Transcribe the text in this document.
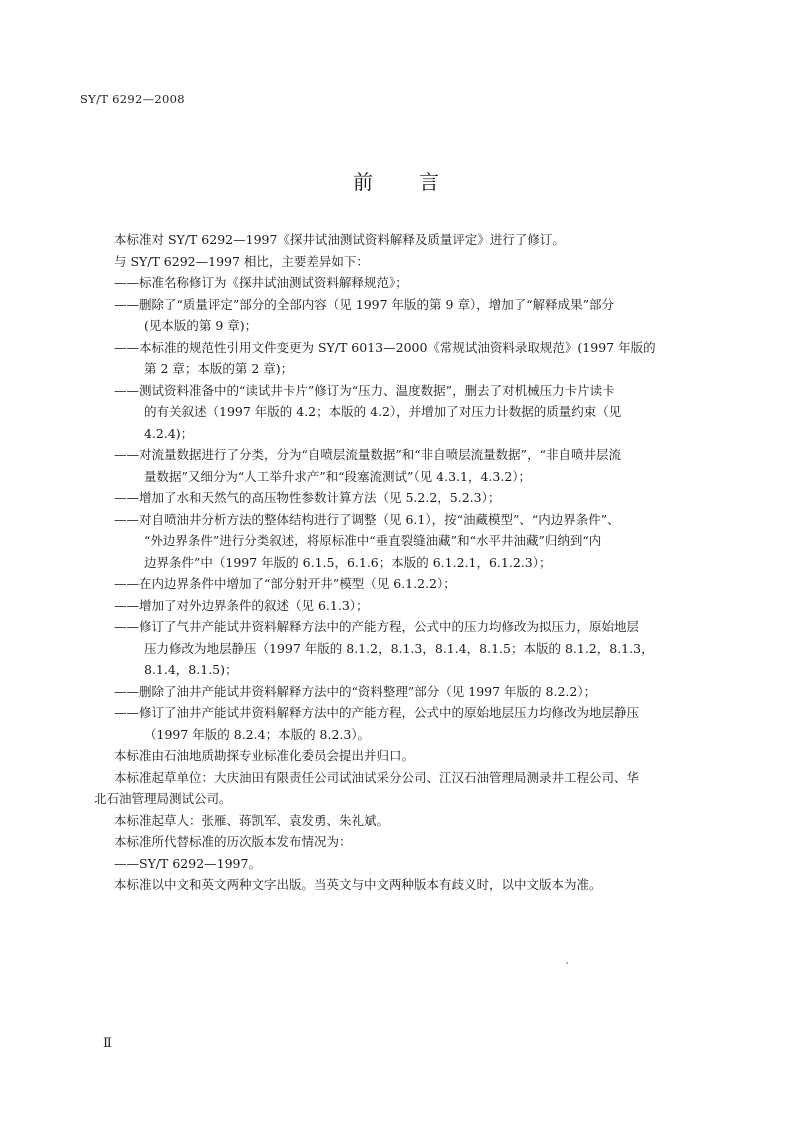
SY/T 6292—2008
前言
本标准对 SY/T 6292—1997《探井试油测试资料解释及质量评定》进行了修订。
与 SY/T 6292—1997 相比，主要差异如下：
——标准名称修订为《探井试油测试资料解释规范》；
——删除了“质量评定”部分的全部内容（见 1997 年版的第 9 章），增加了“解释成果”部分
(见本版的第 9 章)；
——本标准的规范性引用文件变更为 SY/T 6013—2000《常规试油资料录取规范》(1997 年版的
第 2 章；本版的第 2 章)；
——测试资料准备中的“读试井卡片”修订为“压力、温度数据”，删去了对机械压力卡片读卡
的有关叙述（1997 年版的 4.2；本版的 4.2），并增加了对压力计数据的质量约束（见
4.2.4)；
——对流量数据进行了分类，分为“自喷层流量数据”和“非自喷层流量数据”，“非自喷井层流
量数据”又细分为“人工举升求产”和“段塞流测试”（见 4.3.1，4.3.2）；
——增加了水和天然气的高压物性参数计算方法（见 5.2.2，5.2.3）；
——对自喷油井分析方法的整体结构进行了调整（见 6.1），按“油藏模型”、“内边界条件”、
“外边界条件”进行分类叙述，将原标准中“垂直裂缝油藏”和“水平井油藏”归纳到“内
边界条件”中（1997 年版的 6.1.5，6.1.6；本版的 6.1.2.1，6.1.2.3）；
——在内边界条件中增加了“部分射开井”模型（见 6.1.2.2）；
——增加了对外边界条件的叙述（见 6.1.3）；
——修订了气井产能试井资料解释方法中的产能方程，公式中的压力均修改为拟压力，原始地层
压力修改为地层静压（1997 年版的 8.1.2，8.1.3，8.1.4，8.1.5；本版的 8.1.2，8.1.3，
8.1.4，8.1.5)；
——删除了油井产能试井资料解释方法中的“资料整理”部分（见 1997 年版的 8.2.2）；
——修订了油井产能试井资料解释方法中的产能方程，公式中的原始地层压力均修改为地层静压
（1997 年版的 8.2.4；本版的 8.2.3）。
本标准由石油地质勘探专业标准化委员会提出并归口。
本标准起草单位：大庆油田有限责任公司试油试采分公司、江汉石油管理局测录井工程公司、华
北石油管理局测试公司。
本标准起草人：张雁、蒋凯军、袁发勇、朱礼斌。
本标准所代替标准的历次版本发布情况为：
——SY/T 6292—1997。
本标准以中文和英文两种文字出版。当英文与中文两种版本有歧义时，以中文版本为准。
Ⅱ
